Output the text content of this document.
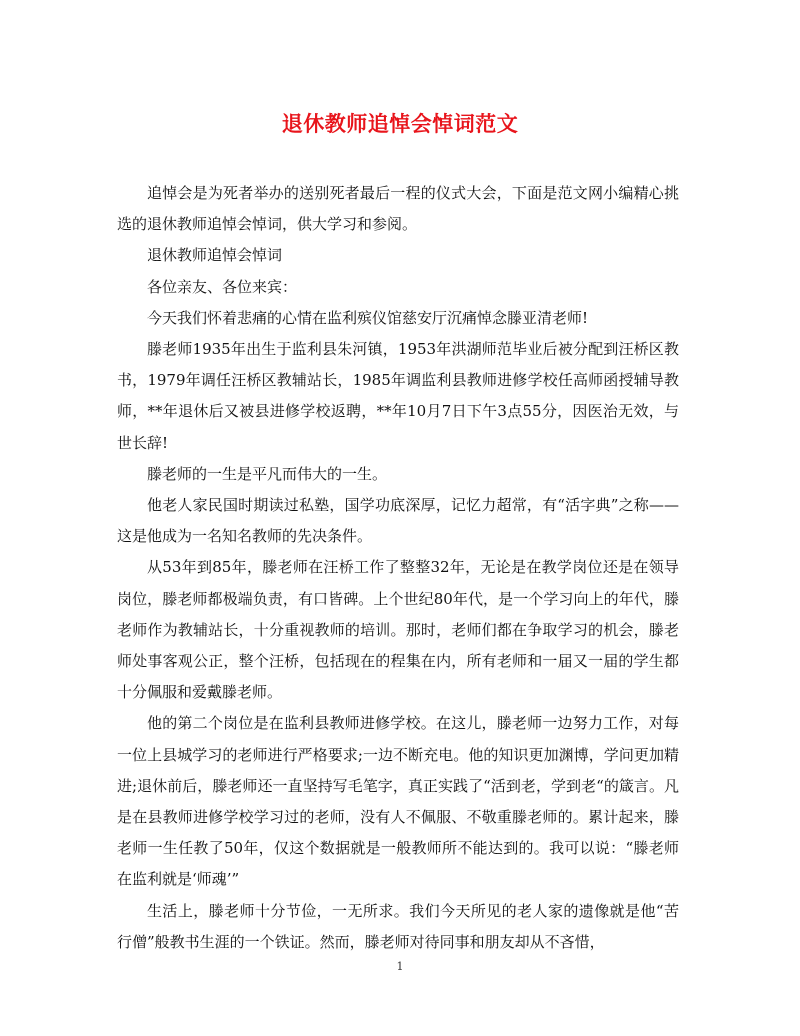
退休教师追悼会悼词范文

追悼会是为死者举办的送别死者最后一程的仪式大会，下面是范文网小编精心挑选的退休教师追悼会悼词，供大学习和参阅。

退休教师追悼会悼词

各位亲友、各位来宾：

今天我们怀着悲痛的心情在监利殡仪馆慈安厅沉痛悼念滕亚清老师!

滕老师1935年出生于监利县朱河镇，1953年洪湖师范毕业后被分配到汪桥区教书，1979年调任汪桥区教辅站长，1985年调监利县教师进修学校任高师函授辅导教师，**年退休后又被县进修学校返聘，**年10月7日下午3点55分，因医治无效，与世长辞!

滕老师的一生是平凡而伟大的一生。

他老人家民国时期读过私塾，国学功底深厚，记忆力超常，有“活字典”之称——这是他成为一名知名教师的先决条件。

从53年到85年，滕老师在汪桥工作了整整32年，无论是在教学岗位还是在领导岗位，滕老师都极端负责，有口皆碑。上个世纪80年代，是一个学习向上的年代，滕老师作为教辅站长，十分重视教师的培训。那时，老师们都在争取学习的机会，滕老师处事客观公正，整个汪桥，包括现在的程集在内，所有老师和一届又一届的学生都十分佩服和爱戴滕老师。

他的第二个岗位是在监利县教师进修学校。在这儿，滕老师一边努力工作，对每一位上县城学习的老师进行严格要求;一边不断充电。他的知识更加渊博，学问更加精进;退休前后，滕老师还一直坚持写毛笔字，真正实践了“活到老，学到老“的箴言。凡是在县教师进修学校学习过的老师，没有人不佩服、不敬重滕老师的。累计起来，滕老师一生任教了50年，仅这个数据就是一般教师所不能达到的。我可以说：“滕老师在监利就是‘师魂’”

生活上，滕老师十分节俭，一无所求。我们今天所见的老人家的遗像就是他“苦行僧”般教书生涯的一个铁证。然而，滕老师对待同事和朋友却从不吝惜，

1
